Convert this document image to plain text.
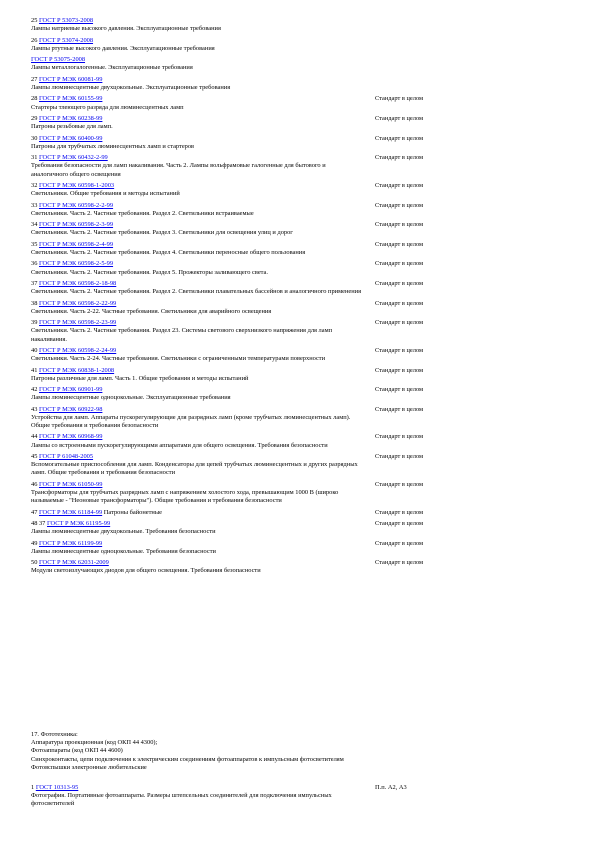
25 ГОСТ Р 53073-2008
Лампы натриевые высокого давления. Эксплуатационные требования
26 ГОСТ Р 53074-2008
Лампы ртутные высокого давления. Эксплуатационные требования
ГОСТ Р 53075-2008
Лампы металлогалогенные. Эксплуатационные требования
27 ГОСТ Р МЭК 60081-99
Лампы люминесцентные двухцокольные. Эксплуатационные требования
28 ГОСТ Р МЭК 60155-99
Стартеры тлеющего разряда для люминесцентных ламп
Стандарт в целом
29 ГОСТ Р МЭК 60238-99
Патроны резьбовые для ламп.
Стандарт в целом
30 ГОСТ Р МЭК 60400-99
Патроны для трубчатых люминесцентных ламп и стартеров
Стандарт в целом
31 ГОСТ Р МЭК 60432-2-99
Требования безопасности для ламп накаливания. Часть 2. Лампы вольфрамовые галогенные для бытового и аналогичного общего освещения
Стандарт в целом
32 ГОСТ Р МЭК 60598-1-2003
Светильники. Общие требования и методы испытаний
Стандарт в целом
33 ГОСТ Р МЭК 60598-2-2-99
Светильники. Часть 2. Частные требования. Раздел 2. Светильники встраиваемые
Стандарт в целом
34 ГОСТ Р МЭК 60598-2-3-99
Светильники. Часть 2. Частные требования. Раздел 3. Светильники для освещения улиц и дорог
Стандарт в целом
35 ГОСТ Р МЭК 60598-2-4-99
Светильники. Часть 2. Частные требования. Раздел 4. Светильники переносные общего пользования
Стандарт в целом
36 ГОСТ Р МЭК 60598-2-5-99
Светильники. Часть 2. Частные требования. Раздел 5. Прожекторы заливающего света.
Стандарт в целом
37 ГОСТ Р МЭК 60598-2-18-98
Светильники. Часть 2. Частные требования. Раздел 2. Светильники плавательных бассейнов и аналогичного применения
Стандарт в целом
38 ГОСТ Р МЭК 60598-2-22-99
Светильники. Часть 2-22. Частные требования. Светильники для аварийного освещения
Стандарт в целом
39 ГОСТ Р МЭК 60598-2-23-99
Светильники. Часть 2. Частные требования. Раздел 23. Системы светового сверхнизкого напряжения для ламп накаливания.
Стандарт в целом
40 ГОСТ Р МЭК 60598-2-24-99
Светильники. Часть 2-24. Частные требования. Светильники с ограниченными температурами поверхности
Стандарт в целом
41 ГОСТ Р МЭК 60838-1-2008
Патроны различные для ламп. Часть 1. Общие требования и методы испытаний
Стандарт в целом
42 ГОСТ Р МЭК 60901-99
Лампы люминесцентные одноцокольные. Эксплуатационные требования
Стандарт в целом
43 ГОСТ Р МЭК 60922-98
Устройства для ламп. Аппараты пускорегулирующие для разрядных ламп (кроме трубчатых люминесцентных ламп). Общие требования и требования безопасности
Стандарт в целом
44 ГОСТ Р МЭК 60968-99
Лампы со встроенными пускорегулирующими аппаратами для общего освещения. Требования безопасности
Стандарт в целом
45 ГОСТ Р 61048-2005
Вспомогательные приспособления для ламп. Конденсаторы для цепей трубчатых люминесцентных и других разрядных ламп. Общие требования и требования безопасности
Стандарт в целом
46 ГОСТ Р МЭК 61050-99
Трансформаторы для трубчатых разрядных ламп с напряжением холостого хода, превышающим 1000 В (широко называемые - "Неоновые трансформаторы"). Общие требования и требования безопасности
Стандарт в целом
47 ГОСТ Р МЭК 61184-99 Патроны байонетные	Стандарт в целом
48 37 ГОСТ Р МЭК 61195-99
Лампы люминесцентные двухцокольные. Требования безопасности
Стандарт в целом
49 ГОСТ Р МЭК 61199-99
Лампы люминесцентные одноцокольные. Требования безопасности
Стандарт в целом
50 ГОСТ Р МЭК 62031-2009
Модули светоизлучающих диодов для общего освещения. Требования безопасности
Стандарт в целом
17. Фототехника:
Аппаратура проекционная (код ОКП 44 4300);
Фотоаппараты (код ОКП 44 4600)
Синхроконтакты, цепи подключения к электрическим соединениям фотоаппаратов к импульсным фотосветителям
Фотовспышки электронные любительские
1 ГОСТ 10313-95
Фотография. Портативные фотоаппараты. Размеры штепсельных соединителей для подключения импульсных фотосветителей
П.п. А2, А3
